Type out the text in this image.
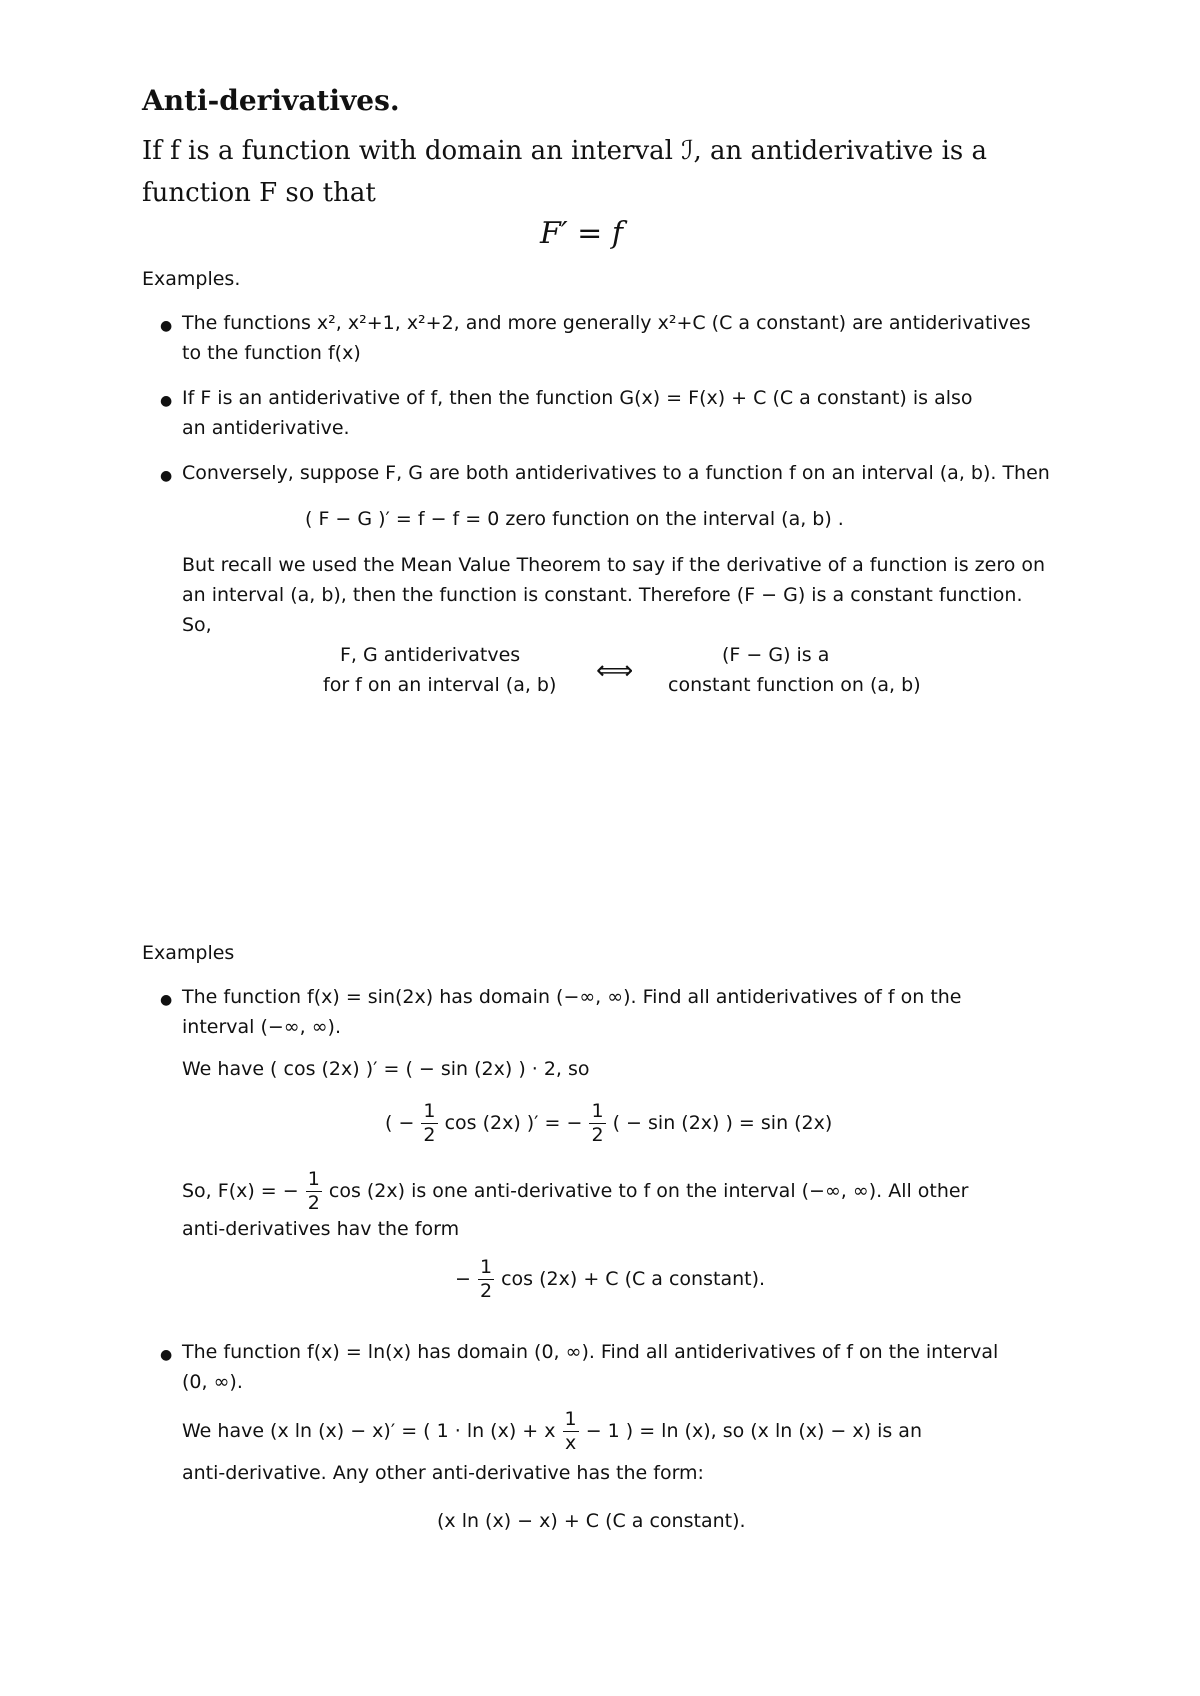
Anti-derivatives.
If f is a function with domain an interval ℐ, an antiderivative is a
function F so that
F′ = f
Examples.
● The functions x², x²+1, x²+2, and more generally x²+C (C a constant) are antiderivatives
to the function f(x)
● If F is an antiderivative of f, then the function G(x) = F(x) + C (C a constant) is also
an antiderivative.
● Conversely, suppose F, G are both antiderivatives to a function f on an interval (a, b). Then
( F − G )′ = f − f = 0 zero function on the interval (a, b) .
But recall we used the Mean Value Theorem to say if the derivative of a function is zero on
an interval (a, b), then the function is constant. Therefore (F − G) is a constant function.
So,
F, G antiderivatves
for f on an interval (a, b) ⟺
(F − G) is a
constant function on (a, b)
Examples
● The function f(x) = sin(2x) has domain (−∞, ∞). Find all antiderivatives of f on the
interval (−∞, ∞).
We have ( cos (2x) )′ = ( − sin (2x) ) · 2, so
( − $\frac{1}{2}$ cos (2x) )′ = − $\frac{1}{2}$ ( − sin (2x) ) = sin (2x)
So, F(x) = − $\frac{1}{2}$ cos (2x) is one anti-derivative to f on the interval (−∞, ∞). All other
anti-derivatives hav the form
− $\frac{1}{2}$ cos (2x) + C (C a constant).
● The function f(x) = ln(x) has domain (0, ∞). Find all antiderivatives of f on the interval
(0, ∞).
We have (x ln (x) − x)′ = ( 1 · ln (x) + x $\frac{1}{x} - 1$ ) = ln (x), so (x ln (x) − x) is an
anti-derivative. Any other anti-derivative has the form:
(x ln (x) − x) + C (C a constant).
